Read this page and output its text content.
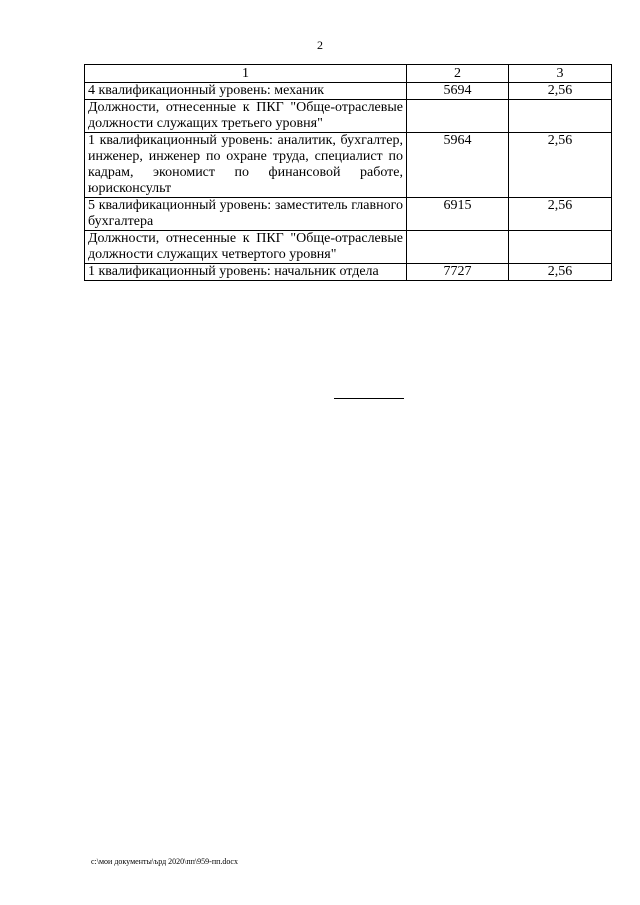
2
1	2	3
4 квалификационный уровень: механик	5694	2,56
Должности, отнесенные к ПКГ "Обще-отраслевые должности служащих третьего уровня"		
1 квалификационный уровень: аналитик, бухгалтер, инженер, инженер по охране труда, специалист по кадрам, экономист по финансовой работе, юрисконсульт	5964	2,56
5 квалификационный уровень: заместитель главного бухгалтера	6915	2,56
Должности, отнесенные к ПКГ "Обще-отраслевые должности служащих четвертого уровня"		
1 квалификационный уровень: начальник отдела	7727	2,56
c:\мои документы\ърд 2020\пп\959-пп.docx
